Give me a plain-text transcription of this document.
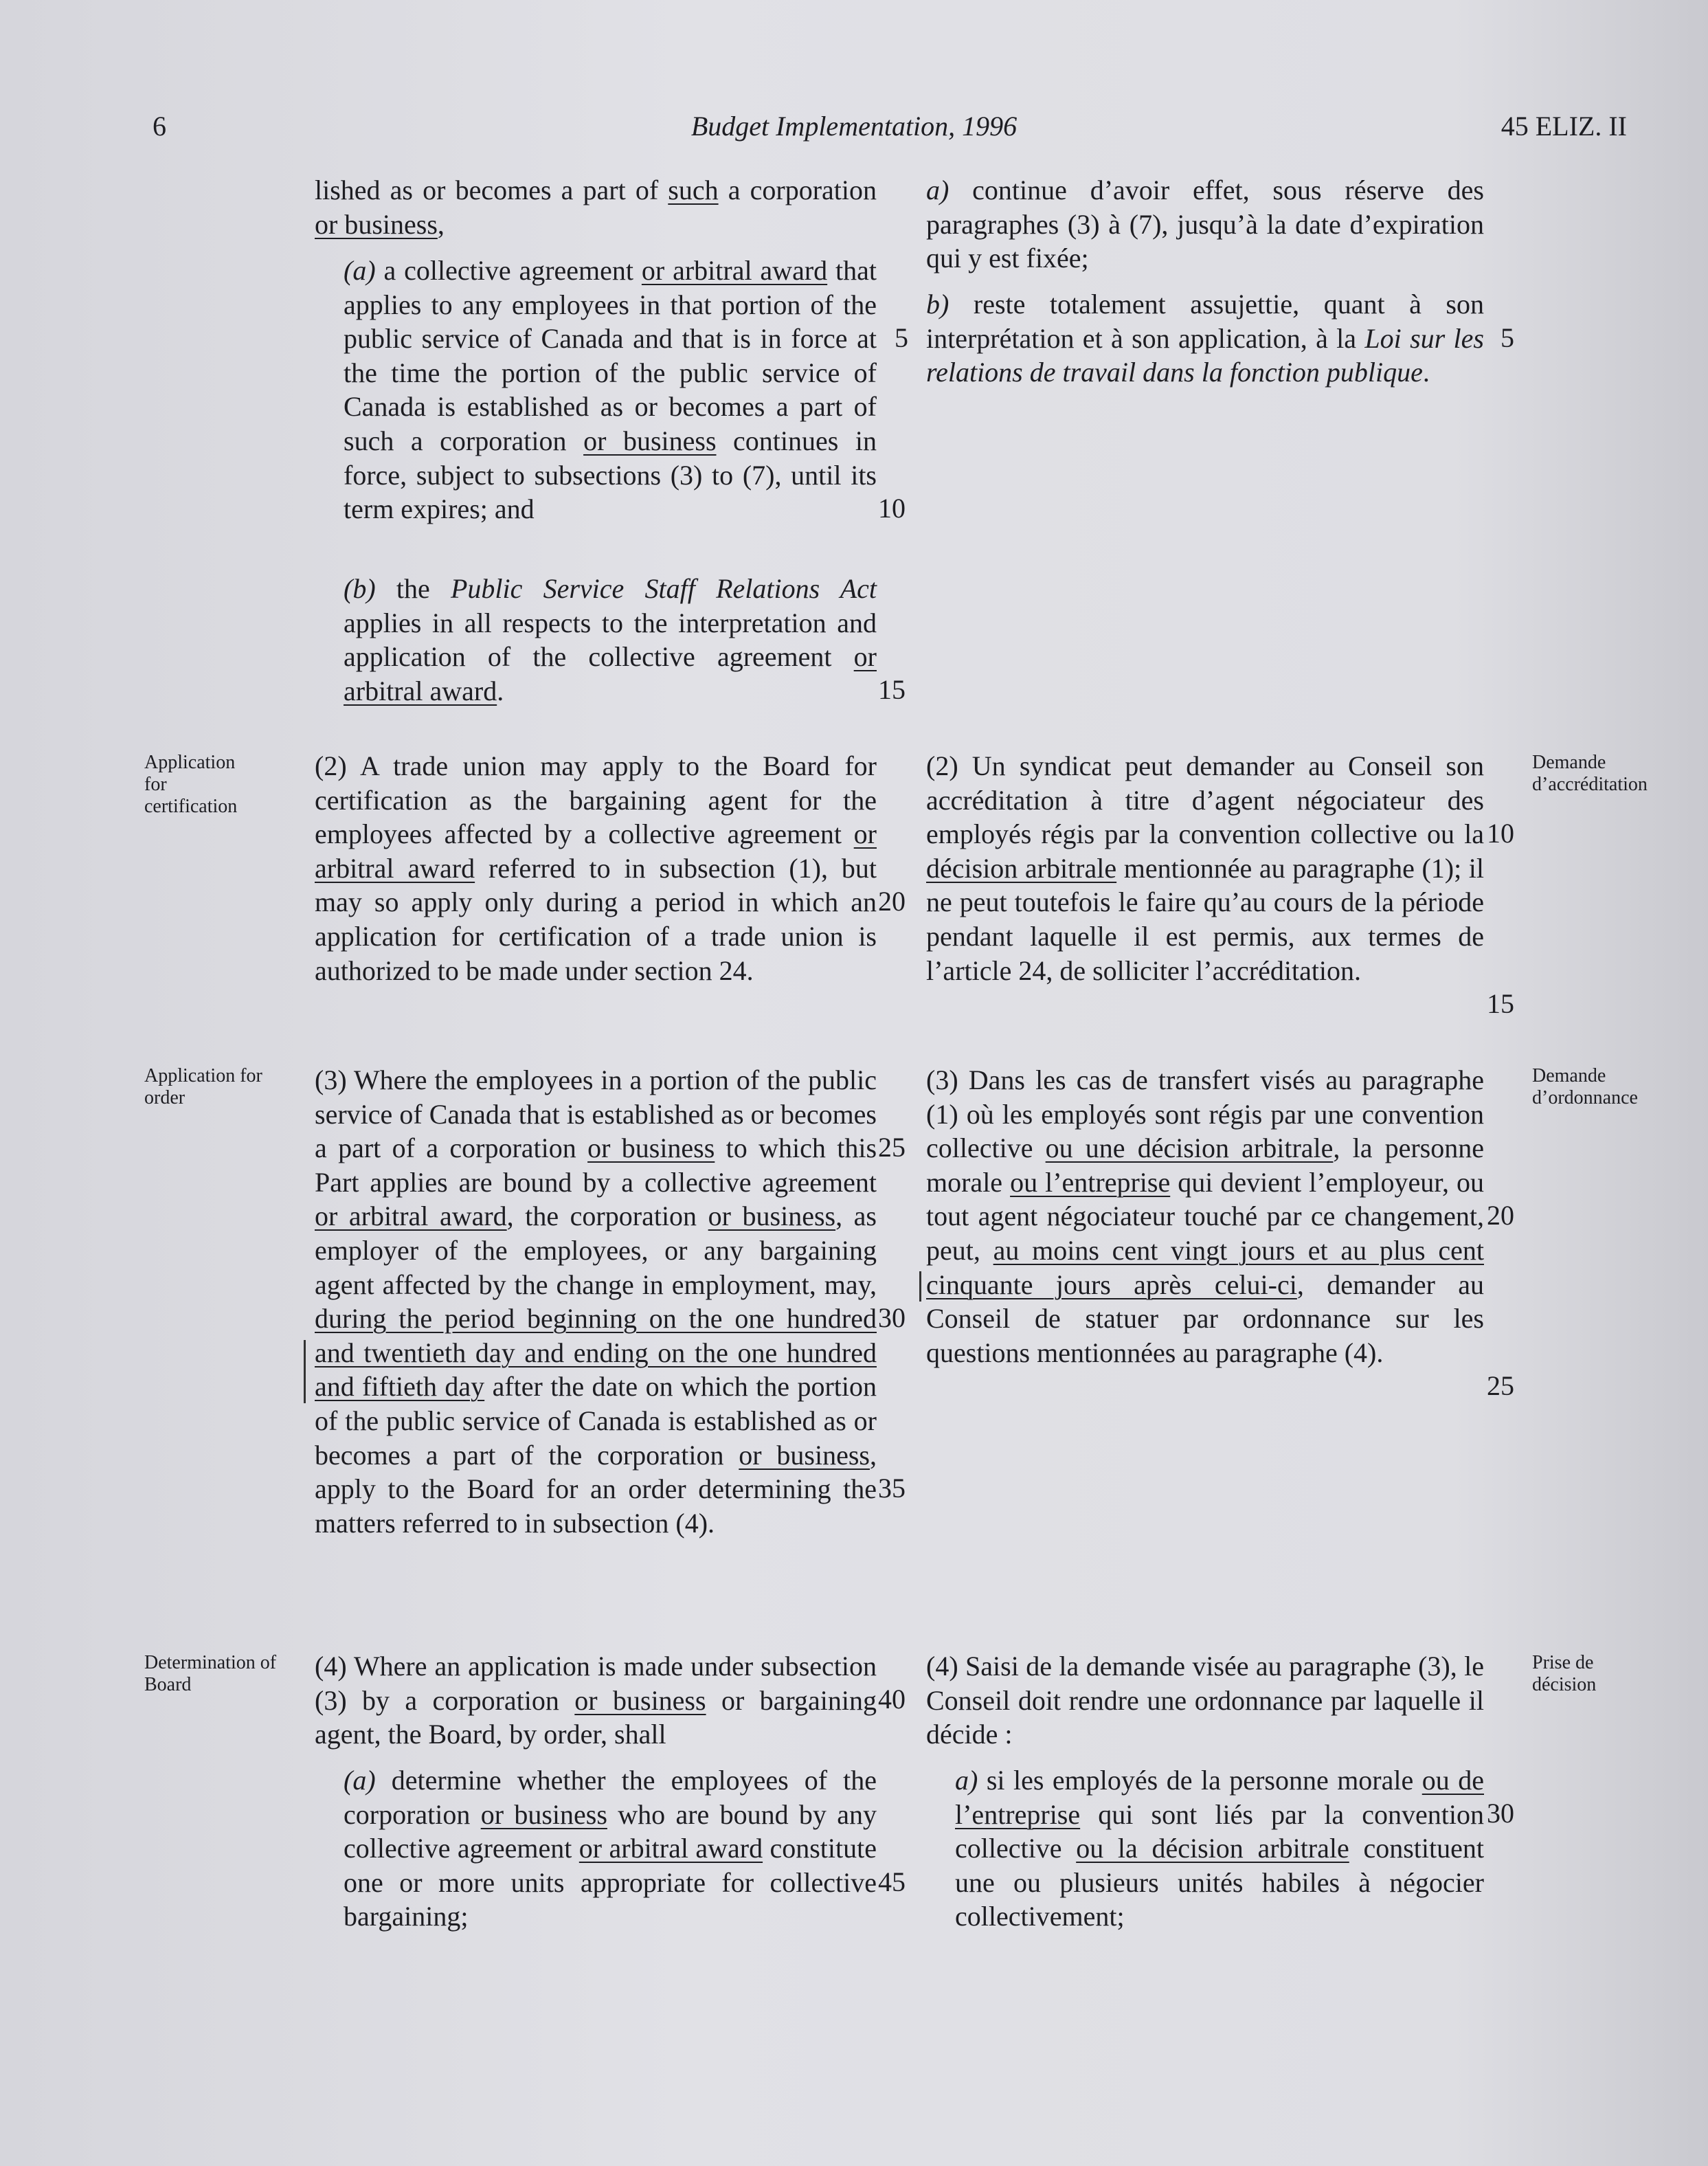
6	Budget Implementation, 1996	45 ELIZ. II

lished as or becomes a part of such a corporation or business,

(a) a collective agreement or arbitral award that applies to any employees in that portion of the public service of Canada and that is in force at the time the portion of the public service of Canada is established as or becomes a part of such a corporation or business continues in force, subject to subsections (3) to (7), until its term expires; and

(b) the Public Service Staff Relations Act applies in all respects to the interpretation and application of the collective agreement or arbitral award.

(2) A trade union may apply to the Board for certification as the bargaining agent for the employees affected by a collective agreement or arbitral award referred to in subsection (1), but may so apply only during a period in which an application for certification of a trade union is authorized to be made under section 24.

(3) Where the employees in a portion of the public service of Canada that is established as or becomes a part of a corporation or business to which this Part applies are bound by a collective agreement or arbitral award, the corporation or business, as employer of the employees, or any bargaining agent affected by the change in employment, may, during the period beginning on the one hundred and twentieth day and ending on the one hundred and fiftieth day after the date on which the portion of the public service of Canada is established as or becomes a part of the corporation or business, apply to the Board for an order determining the matters referred to in subsection (4).

(4) Where an application is made under subsection (3) by a corporation or business or bargaining agent, the Board, by order, shall

(a) determine whether the employees of the corporation or business who are bound by any collective agreement or arbitral award constitute one or more units appropriate for collective bargaining;

a) continue d’avoir effet, sous réserve des paragraphes (3) à (7), jusqu’à la date d’expiration qui y est fixée;

b) reste totalement assujettie, quant à son interprétation et à son application, à la Loi sur les relations de travail dans la fonction publique.

(2) Un syndicat peut demander au Conseil son accréditation à titre d’agent négociateur des employés régis par la convention collective ou la décision arbitrale mentionnée au paragraphe (1); il ne peut toutefois le faire qu’au cours de la période pendant laquelle il est permis, aux termes de l’article 24, de solliciter l’accréditation.

(3) Dans les cas de transfert visés au paragraphe (1) où les employés sont régis par une convention collective ou une décision arbitrale, la personne morale ou l’entreprise qui devient l’employeur, ou tout agent négociateur touché par ce changement, peut, au moins cent vingt jours et au plus cent cinquante jours après celui-ci, demander au Conseil de statuer par ordonnance sur les questions mentionnées au paragraphe (4).

(4) Saisi de la demande visée au paragraphe (3), le Conseil doit rendre une ordonnance par laquelle il décide :

a) si les employés de la personne morale ou de l’entreprise qui sont liés par la convention collective ou la décision arbitrale constituent une ou plusieurs unités habiles à négocier collectivement;

Application for certification
Application for order
Determination of Board
Demande d’accréditation
Demande d’ordonnance
Prise de décision
5
10
15
20
25
30
35
40
45
5
10
15
20
25
30
